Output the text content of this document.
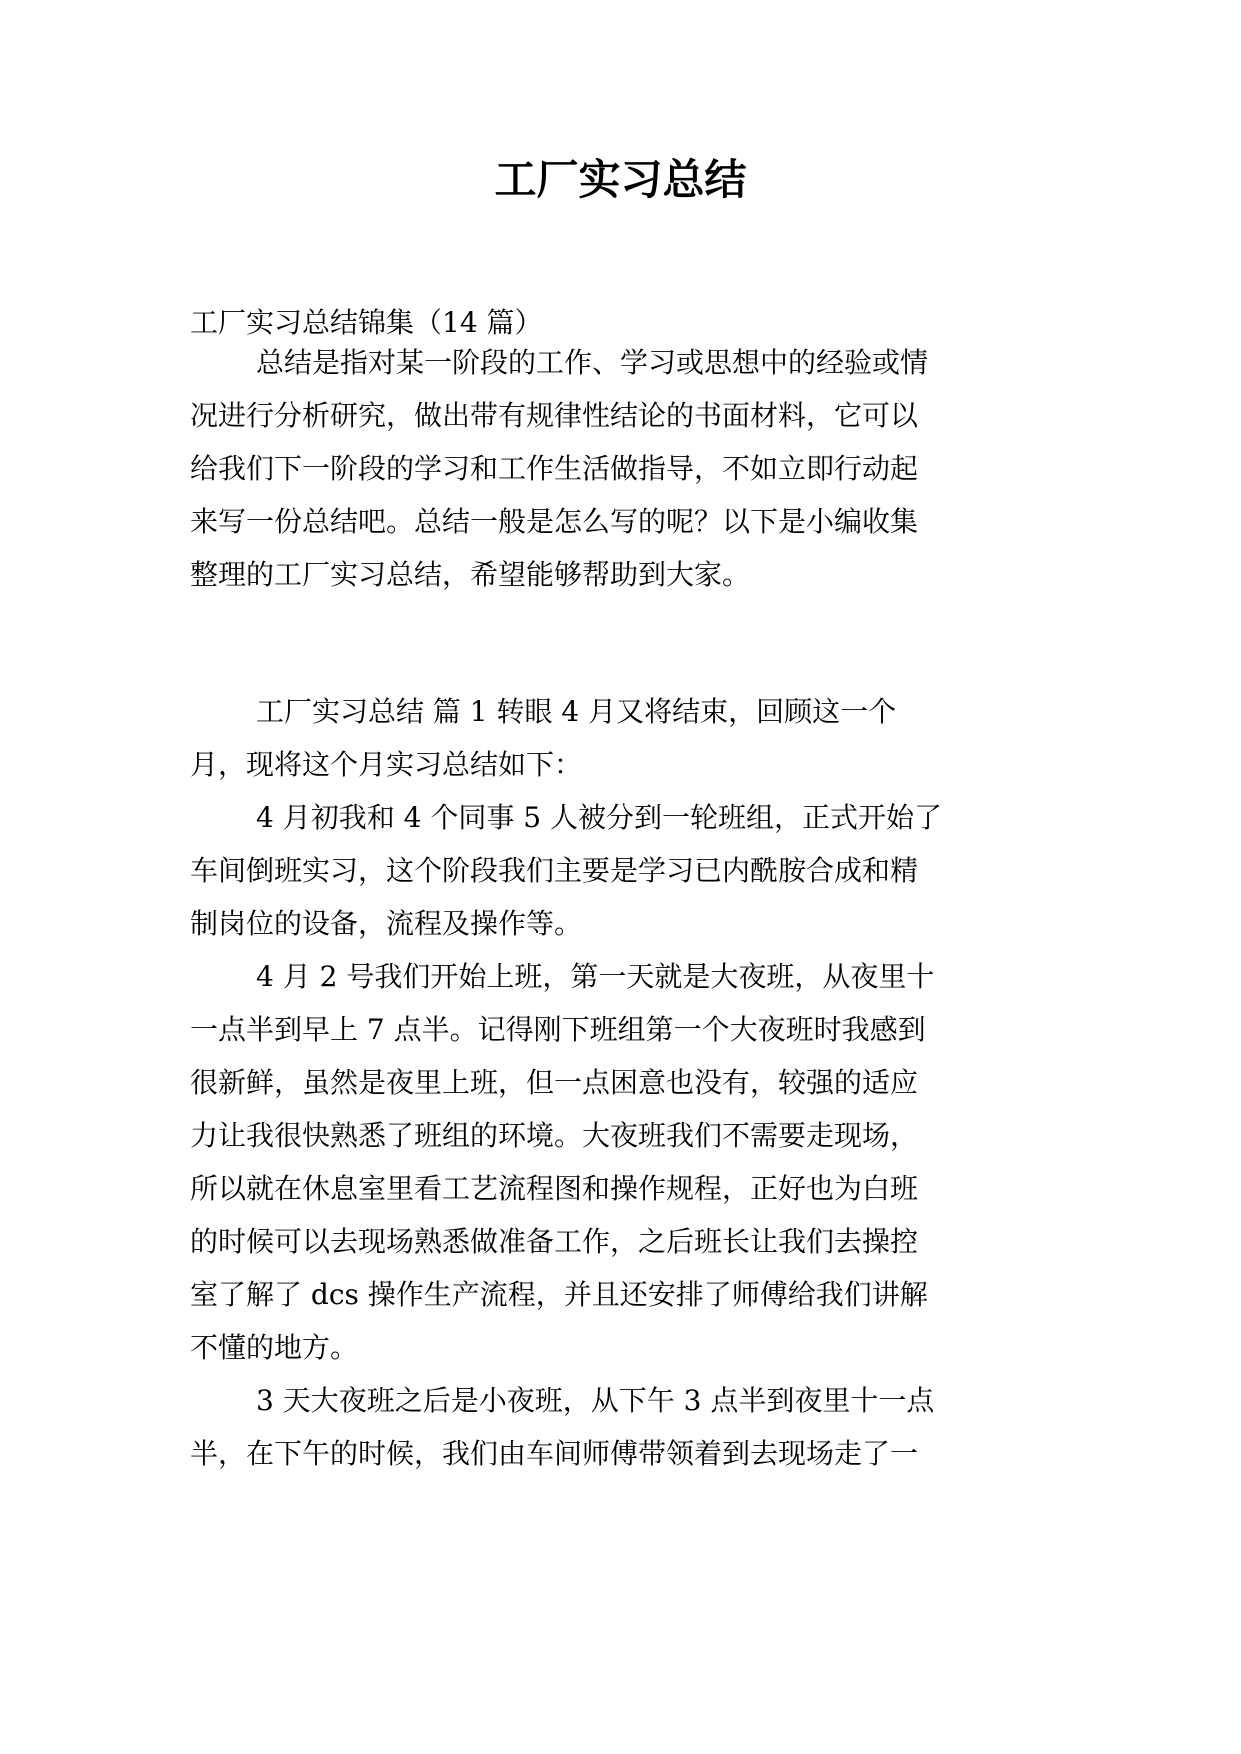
工厂实习总结

工厂实习总结锦集（14 篇）

总结是指对某一阶段的工作、学习或思想中的经验或情

况进行分析研究，做出带有规律性结论的书面材料，它可以

给我们下一阶段的学习和工作生活做指导，不如立即行动起

来写一份总结吧。总结一般是怎么写的呢？以下是小编收集

整理的工厂实习总结，希望能够帮助到大家。

工厂实习总结 篇 1 转眼 4 月又将结束，回顾这一个

月，现将这个月实习总结如下：

4 月初我和 4 个同事 5 人被分到一轮班组，正式开始了

车间倒班实习，这个阶段我们主要是学习已内酰胺合成和精

制岗位的设备，流程及操作等。

4 月 2 号我们开始上班，第一天就是大夜班，从夜里十

一点半到早上 7 点半。记得刚下班组第一个大夜班时我感到

很新鲜，虽然是夜里上班，但一点困意也没有，较强的适应

力让我很快熟悉了班组的环境。大夜班我们不需要走现场，

所以就在休息室里看工艺流程图和操作规程，正好也为白班

的时候可以去现场熟悉做准备工作，之后班长让我们去操控

室了解了 dcs 操作生产流程，并且还安排了师傅给我们讲解

不懂的地方。

3 天大夜班之后是小夜班，从下午 3 点半到夜里十一点

半，在下午的时候，我们由车间师傅带领着到去现场走了一
